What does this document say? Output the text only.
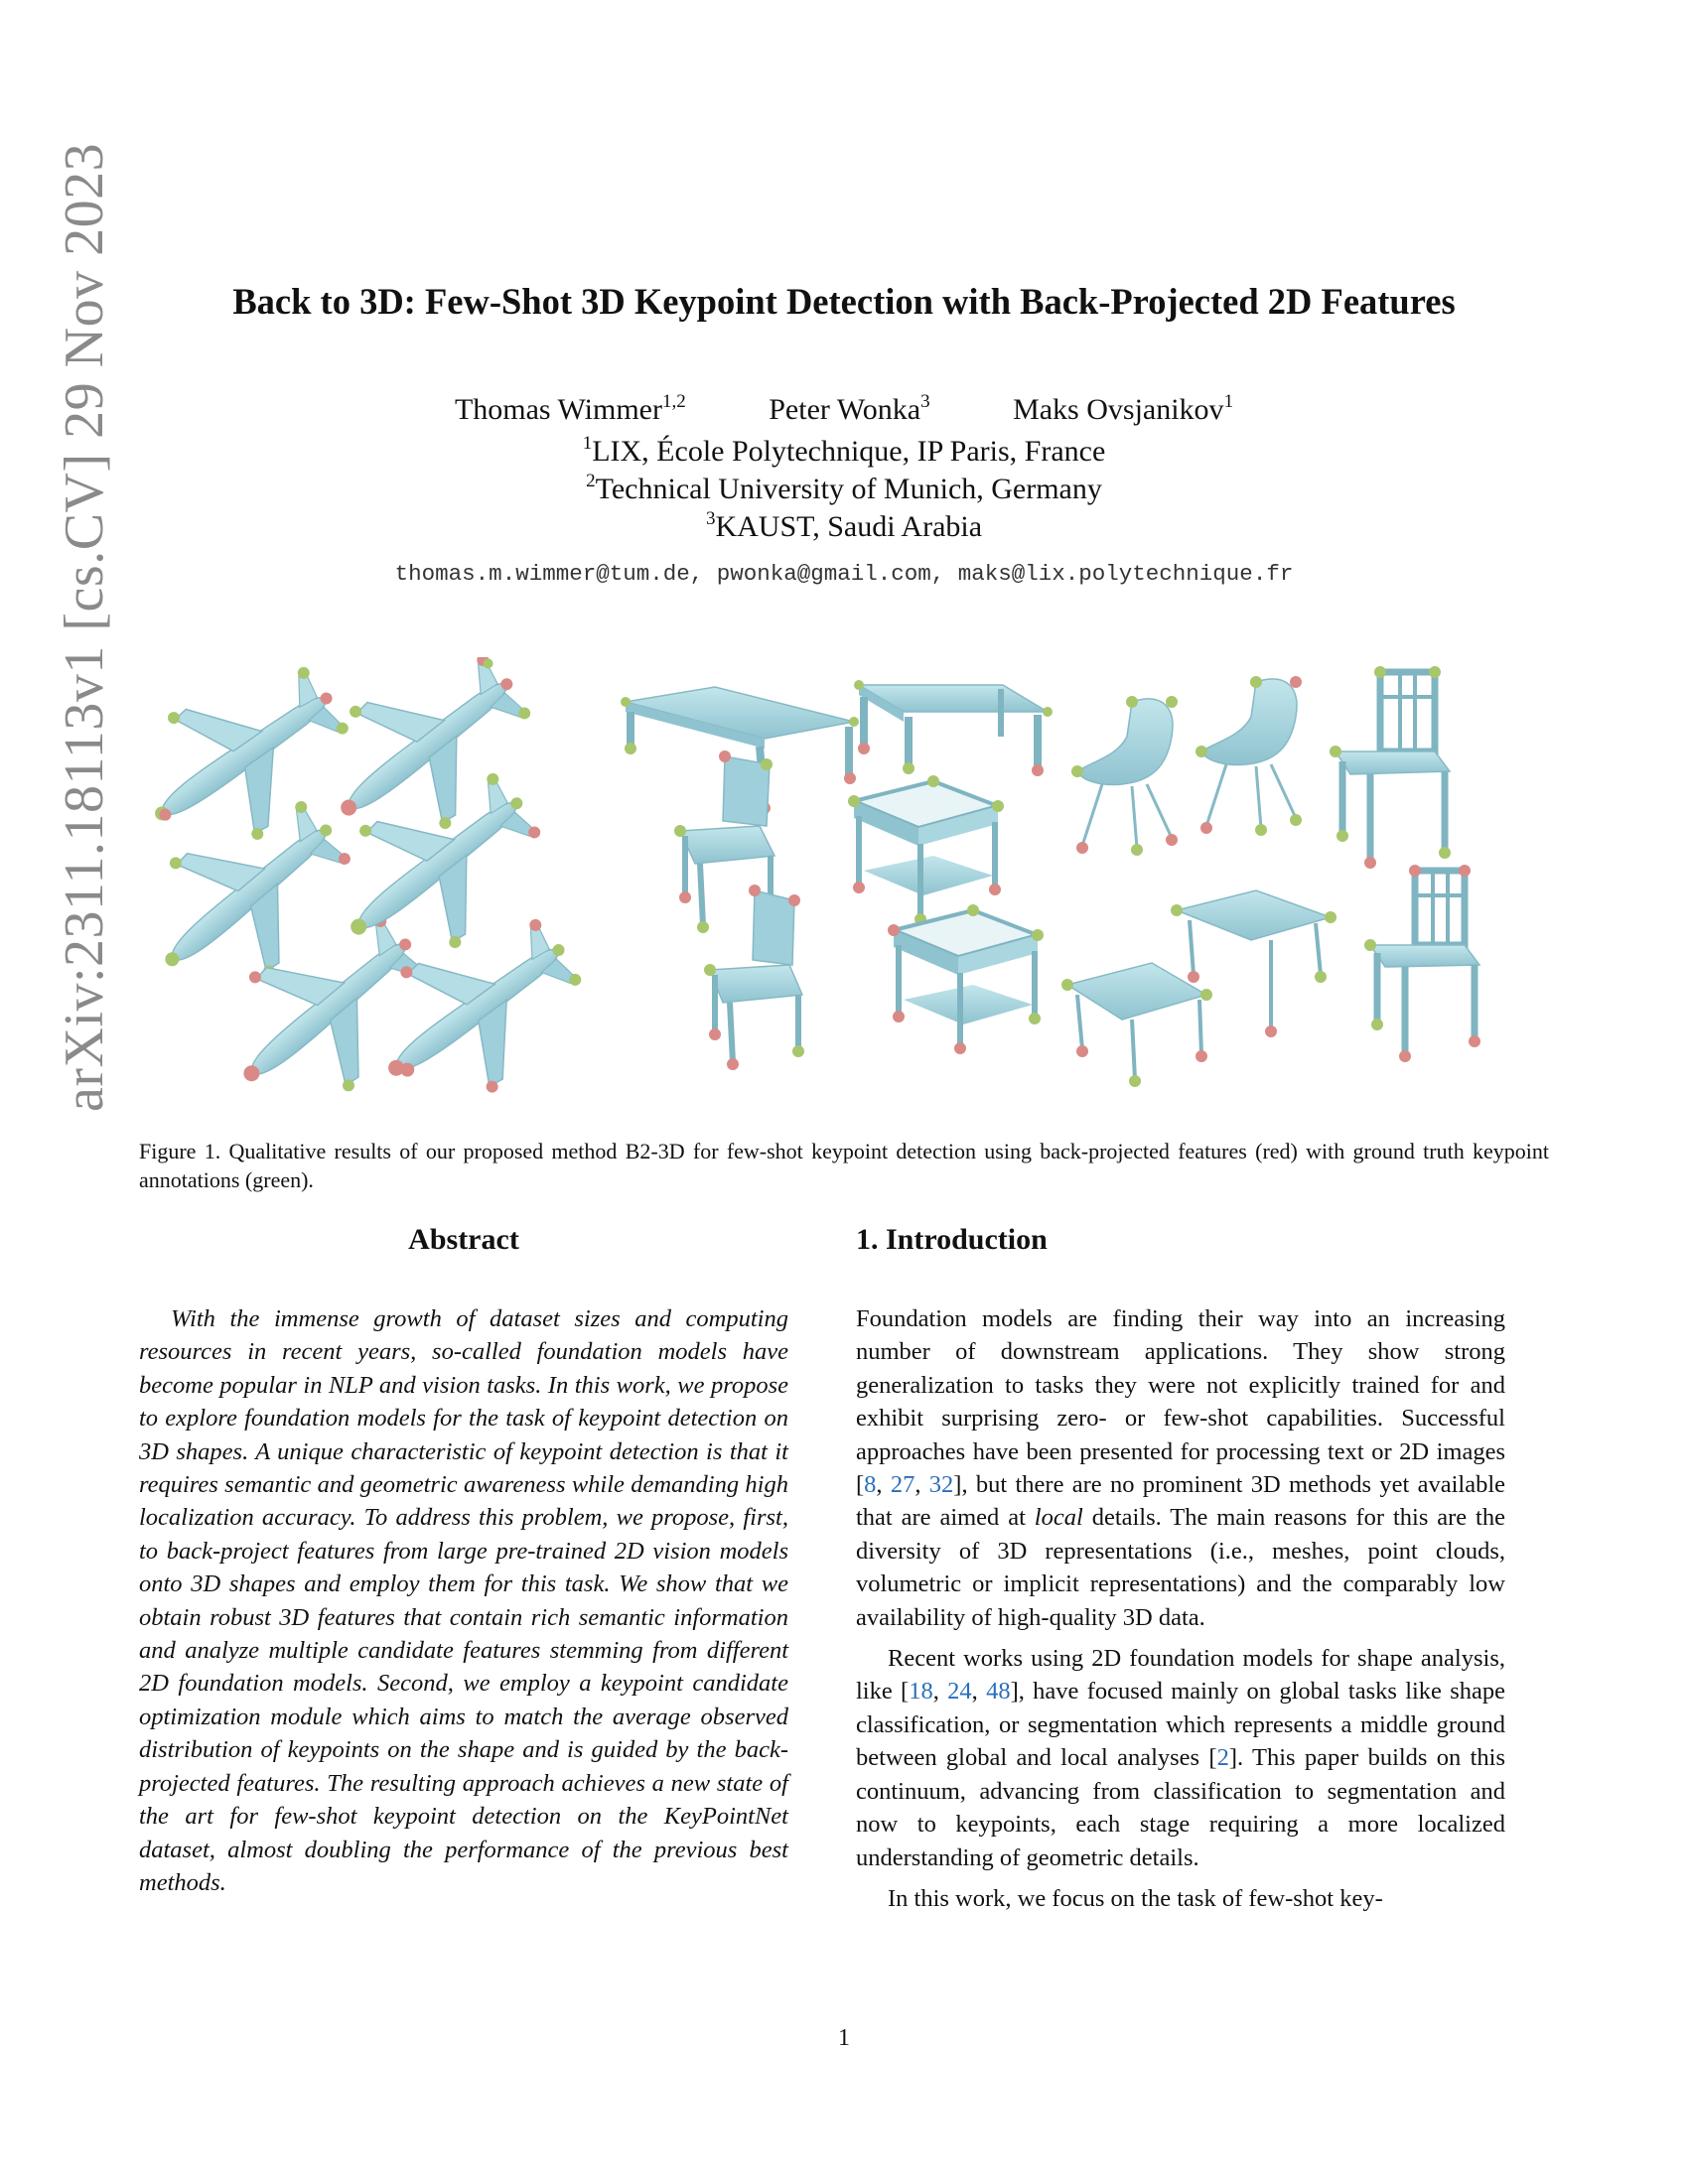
arXiv:2311.18113v1 [cs.CV] 29 Nov 2023	Back to 3D: Few-Shot 3D Keypoint Detection with Back-Projected 2D Features
Thomas Wimmer$^{1,2}$	Peter Wonka$^3$	Maks Ovsjanikov$^1$
$^1$LIX, École Polytechnique, IP Paris, France
$^2$Technical University of Munich, Germany
$^3$KAUST, Saudi Arabia
thomas.m.wimmer@tum.de, pwonka@gmail.com, maks@lix.polytechnique.fr
Figure 1. Qualitative results of our proposed method B2-3D for few-shot keypoint detection using back-projected features (red) with ground truth keypoint annotations (green).
Abstract

With the immense growth of dataset sizes and computing resources in recent years, so-called foundation models have become popular in NLP and vision tasks. In this work, we propose to explore foundation models for the task of keypoint detection on 3D shapes. A unique characteristic of keypoint detection is that it requires semantic and geometric awareness while demanding high localization accuracy. To address this problem, we propose, first, to back-project features from large pre-trained 2D vision models onto 3D shapes and employ them for this task. We show that we obtain robust 3D features that contain rich semantic information and analyze multiple candidate features stemming from different 2D foundation models. Second, we employ a keypoint candidate optimization module which aims to match the average observed distribution of keypoints on the shape and is guided by the back-projected features. The resulting approach achieves a new state of the art for few-shot keypoint detection on the KeyPointNet dataset, almost doubling the performance of the previous best methods.

1. Introduction

Foundation models are finding their way into an increasing number of downstream applications. They show strong generalization to tasks they were not explicitly trained for and exhibit surprising zero- or few-shot capabilities. Successful approaches have been presented for processing text or 2D images [8, 27, 32], but there are no prominent 3D methods yet available that are aimed at local details. The main reasons for this are the diversity of 3D representations (i.e., meshes, point clouds, volumetric or implicit representations) and the comparably low availability of high-quality 3D data.

Recent works using 2D foundation models for shape analysis, like [18, 24, 48], have focused mainly on global tasks like shape classification, or segmentation which represents a middle ground between global and local analyses [2]. This paper builds on this continuum, advancing from classification to segmentation and now to keypoints, each stage requiring a more localized understanding of geometric details.

In this work, we focus on the task of few-shot key-

1
